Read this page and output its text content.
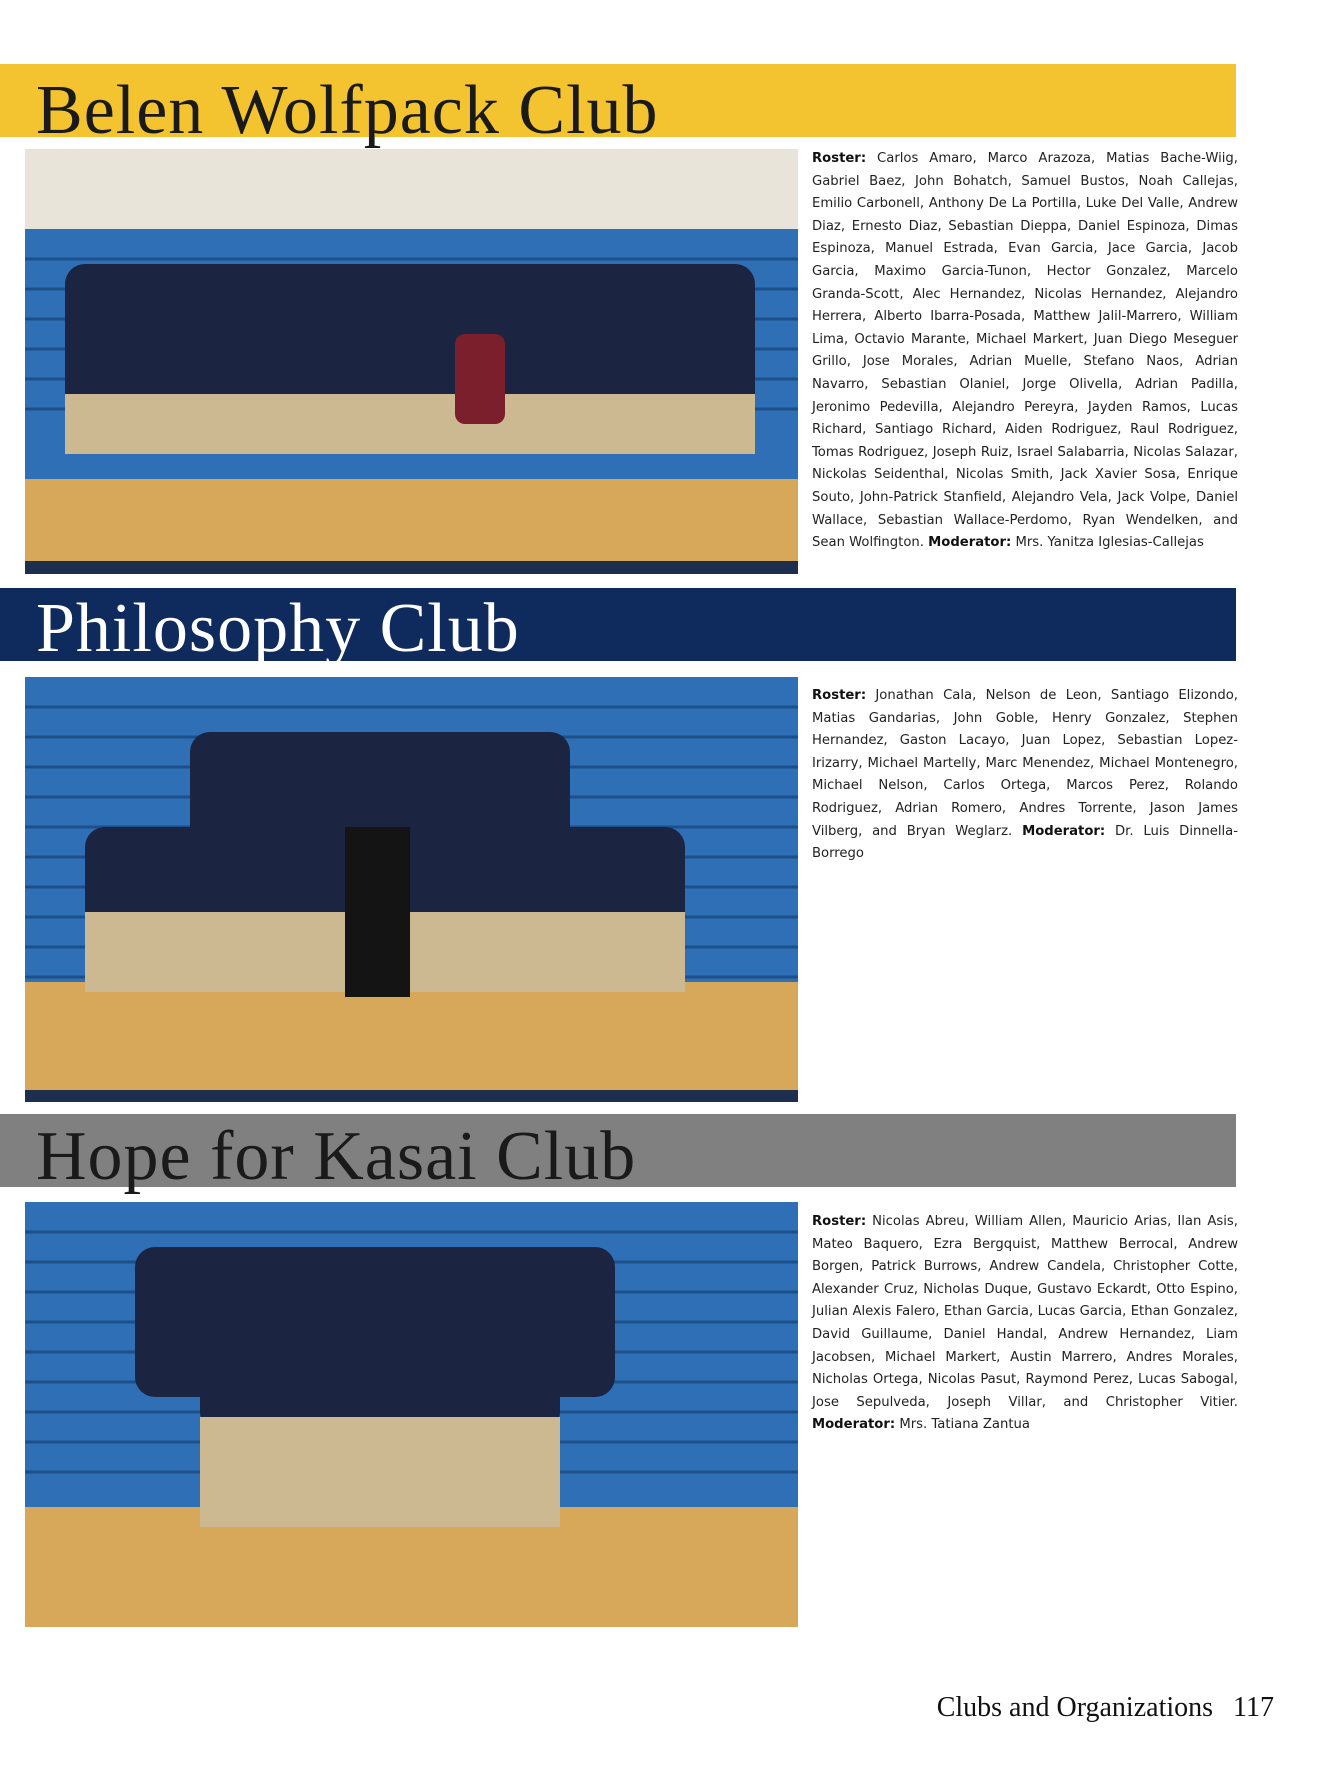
Belen Wolfpack Club
Roster: Carlos Amaro, Marco Arazoza, Matias Bache-Wiig, Gabriel Baez, John Bohatch, Samuel Bustos, Noah Callejas, Emilio Carbonell, Anthony De La Portilla, Luke Del Valle, Andrew Diaz, Ernesto Diaz, Sebastian Dieppa, Daniel Espinoza, Dimas Espinoza, Manuel Estrada, Evan Garcia, Jace Garcia, Jacob Garcia, Maximo Garcia-Tunon, Hector Gonzalez, Marcelo Granda-Scott, Alec Hernandez, Nicolas Hernandez, Alejandro Herrera, Alberto Ibarra-Posada, Matthew Jalil-Marrero, William Lima, Octavio Marante, Michael Markert, Juan Diego Meseguer Grillo, Jose Morales, Adrian Muelle, Stefano Naos, Adrian Navarro, Sebastian Olaniel, Jorge Olivella, Adrian Padilla, Jeronimo Pedevilla, Alejandro Pereyra, Jayden Ramos, Lucas Richard, Santiago Richard, Aiden Rodriguez, Raul Rodriguez, Tomas Rodriguez, Joseph Ruiz, Israel Salabarria, Nicolas Salazar, Nickolas Seidenthal, Nicolas Smith, Jack Xavier Sosa, Enrique Souto, John-Patrick Stanfield, Alejandro Vela, Jack Volpe, Daniel Wallace, Sebastian Wallace-Perdomo, Ryan Wendelken, and Sean Wolfington. Moderator: Mrs. Yanitza Iglesias-Callejas
Philosophy Club
Roster: Jonathan Cala, Nelson de Leon, Santiago Elizondo, Matias Gandarias, John Goble, Henry Gonzalez, Stephen Hernandez, Gaston Lacayo, Juan Lopez, Sebastian Lopez-Irizarry, Michael Martelly, Marc Menendez, Michael Montenegro, Michael Nelson, Carlos Ortega, Marcos Perez, Rolando Rodriguez, Adrian Romero, Andres Torrente, Jason James Vilberg, and Bryan Weglarz. Moderator: Dr. Luis Dinnella-Borrego
Hope for Kasai Club
Roster: Nicolas Abreu, William Allen, Mauricio Arias, Ilan Asis, Mateo Baquero, Ezra Bergquist, Matthew Berrocal, Andrew Borgen, Patrick Burrows, Andrew Candela, Christopher Cotte, Alexander Cruz, Nicholas Duque, Gustavo Eckardt, Otto Espino, Julian Alexis Falero, Ethan Garcia, Lucas Garcia, Ethan Gonzalez, David Guillaume, Daniel Handal, Andrew Hernandez, Liam Jacobsen, Michael Markert, Austin Marrero, Andres Morales, Nicholas Ortega, Nicolas Pasut, Raymond Perez, Lucas Sabogal, Jose Sepulveda, Joseph Villar, and Christopher Vitier. Moderator: Mrs. Tatiana Zantua
Clubs and Organizations 117
